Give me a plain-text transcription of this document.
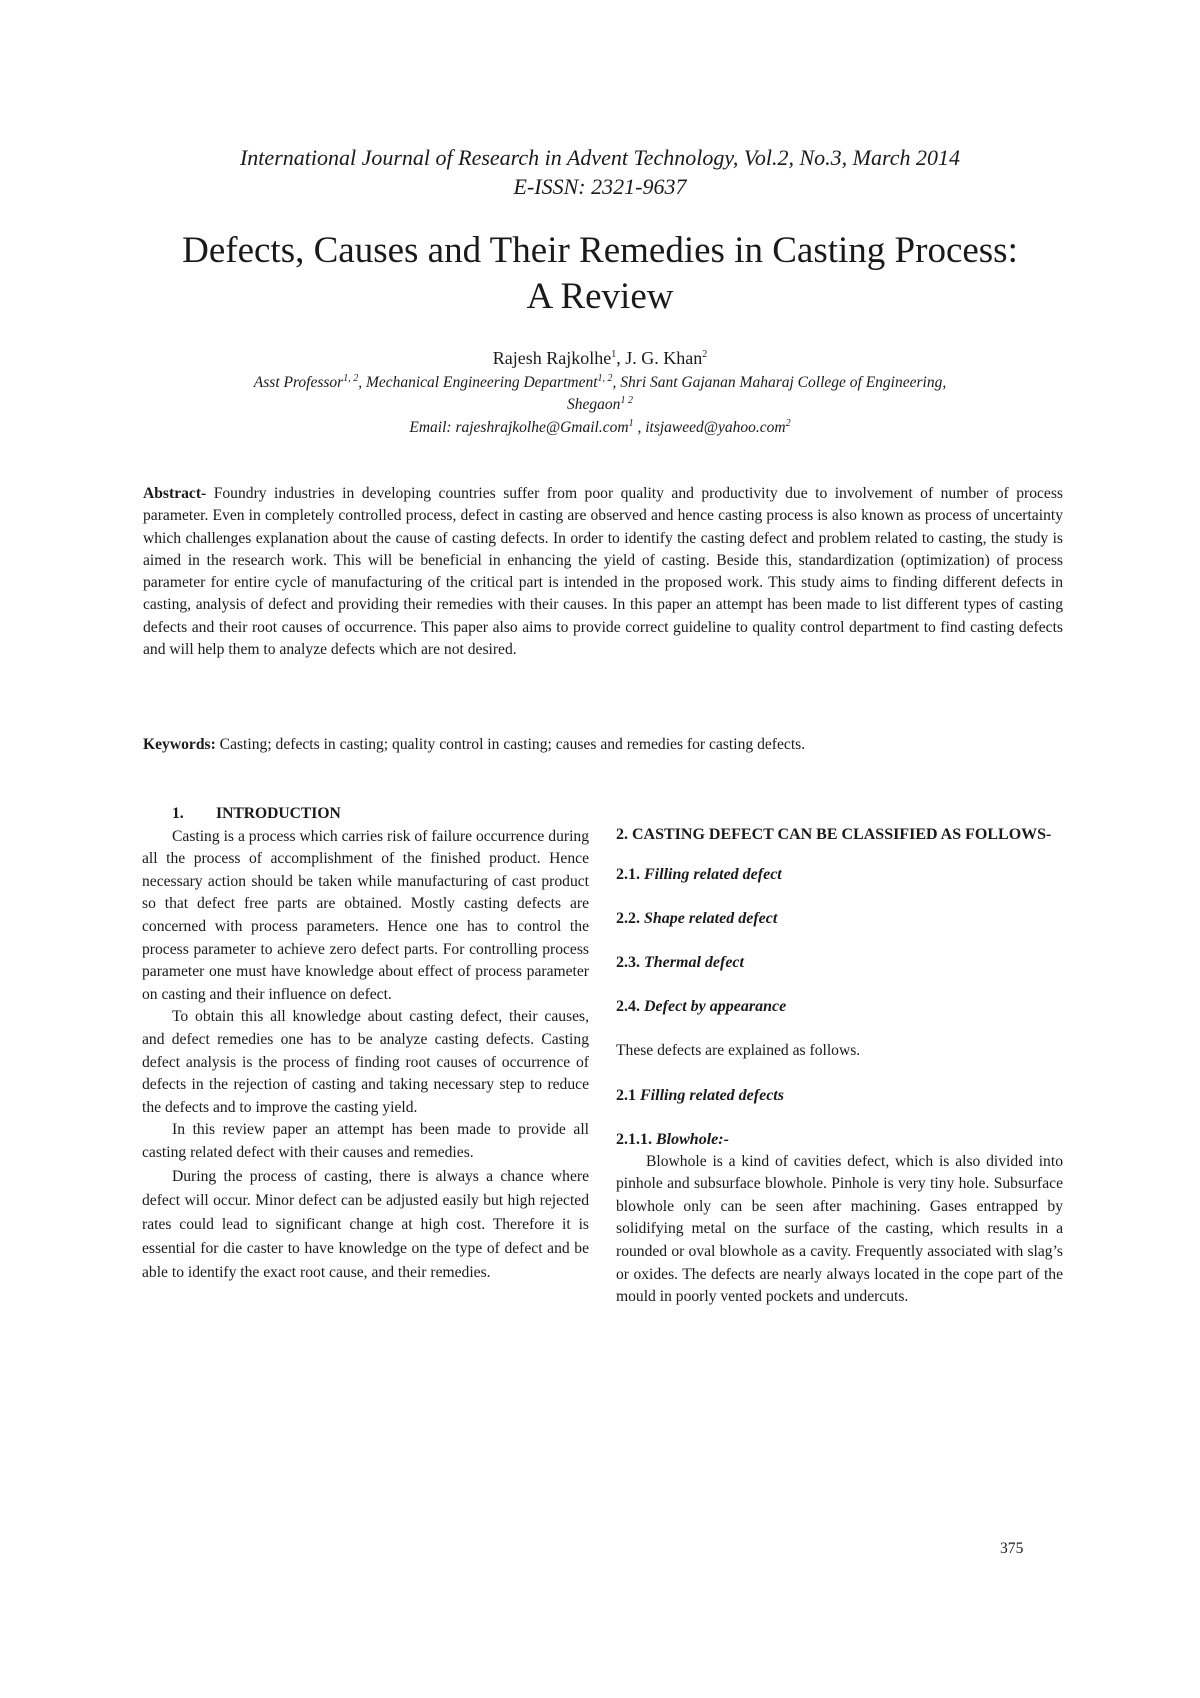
International Journal of Research in Advent Technology, Vol.2, No.3, March 2014
E-ISSN: 2321-9637
Defects, Causes and Their Remedies in Casting Process:
A Review
Rajesh Rajkolhe$^1$, J. G. Khan$^2$
Asst Professor$^{1, 2}$, Mechanical Engineering Department$^{1, 2}$, Shri Sant Gajanan Maharaj College of Engineering,
Shegaon$^{1 2}$
Email: rajeshrajkolhe@Gmail.com$^1$ , itsjaweed@yahoo.com$^2$

Abstract- Foundry industries in developing countries suffer from poor quality and productivity due to involvement of number of process parameter. Even in completely controlled process, defect in casting are observed and hence casting process is also known as process of uncertainty which challenges explanation about the cause of casting defects. In order to identify the casting defect and problem related to casting, the study is aimed in the research work. This will be beneficial in enhancing the yield of casting. Beside this, standardization (optimization) of process parameter for entire cycle of manufacturing of the critical part is intended in the proposed work. This study aims to finding different defects in casting, analysis of defect and providing their remedies with their causes. In this paper an attempt has been made to list different types of casting defects and their root causes of occurrence. This paper also aims to provide correct guideline to quality control department to find casting defects and will help them to analyze defects which are not desired.

Keywords: Casting; defects in casting; quality control in casting; causes and remedies for casting defects.

1. INTRODUCTION

Casting is a process which carries risk of failure occurrence during all the process of accomplishment of the finished product. Hence necessary action should be taken while manufacturing of cast product so that defect free parts are obtained. Mostly casting defects are concerned with process parameters. Hence one has to control the process parameter to achieve zero defect parts. For controlling process parameter one must have knowledge about effect of process parameter on casting and their influence on defect.

To obtain this all knowledge about casting defect, their causes, and defect remedies one has to be analyze casting defects. Casting defect analysis is the process of finding root causes of occurrence of defects in the rejection of casting and taking necessary step to reduce the defects and to improve the casting yield.

In this review paper an attempt has been made to provide all casting related defect with their causes and remedies.

During the process of casting, there is always a chance where defect will occur. Minor defect can be adjusted easily but high rejected rates could lead to significant change at high cost. Therefore it is essential for die caster to have knowledge on the type of defect and be able to identify the exact root cause, and their remedies.

2. CASTING DEFECT CAN BE CLASSIFIED AS FOLLOWS-
2.1. Filling related defect
2.2. Shape related defect
2.3. Thermal defect
2.4. Defect by appearance

These defects are explained as follows.

2.1 Filling related defects
2.1.1. Blowhole:-

Blowhole is a kind of cavities defect, which is also divided into pinhole and subsurface blowhole. Pinhole is very tiny hole. Subsurface blowhole only can be seen after machining. Gases entrapped by solidifying metal on the surface of the casting, which results in a rounded or oval blowhole as a cavity. Frequently associated with slag’s or oxides. The defects are nearly always located in the cope part of the mould in poorly vented pockets and undercuts.

375
